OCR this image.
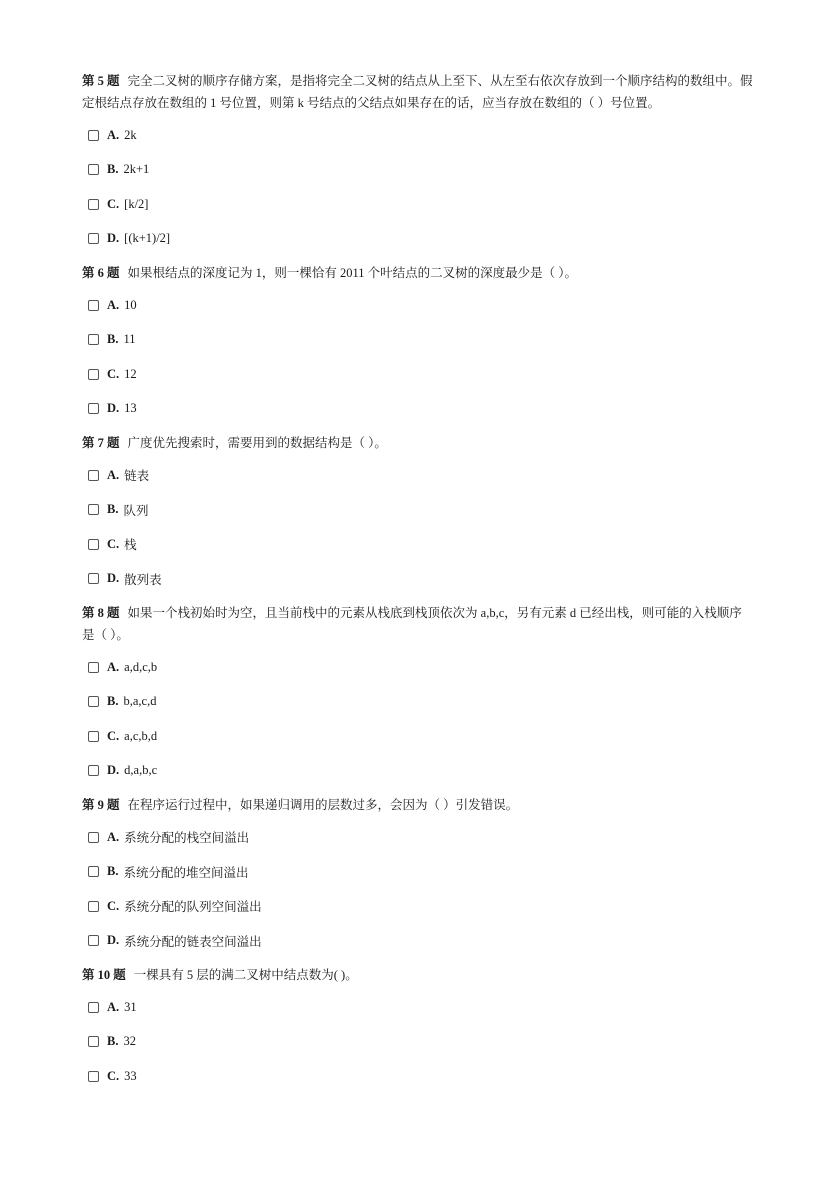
第 5 题 完全二叉树的顺序存储方案，是指将完全二叉树的结点从上至下、从左至右依次存放到一个顺序结构的数组中。假定根结点存放在数组的 1 号位置，则第 k 号结点的父结点如果存在的话，应当存放在数组的（ ）号位置。

A. 2k
B. 2k+1
C. [k/2]
D. [(k+1)/2]

第 6 题 如果根结点的深度记为 1，则一棵恰有 2011 个叶结点的二叉树的深度最少是（ ）。

A. 10
B. 11
C. 12
D. 13

第 7 题 广度优先搜索时，需要用到的数据结构是（ ）。

A. 链表
B. 队列
C. 栈
D. 散列表

第 8 题 如果一个栈初始时为空，且当前栈中的元素从栈底到栈顶依次为 a,b,c，另有元素 d 已经出栈，则可能的入栈顺序是（ ）。

A. a,d,c,b
B. b,a,c,d
C. a,c,b,d
D. d,a,b,c

第 9 题 在程序运行过程中，如果递归调用的层数过多，会因为（ ）引发错误。

A. 系统分配的栈空间溢出
B. 系统分配的堆空间溢出
C. 系统分配的队列空间溢出
D. 系统分配的链表空间溢出

第 10 题 一棵具有 5 层的满二叉树中结点数为( )。

A. 31
B. 32
C. 33
